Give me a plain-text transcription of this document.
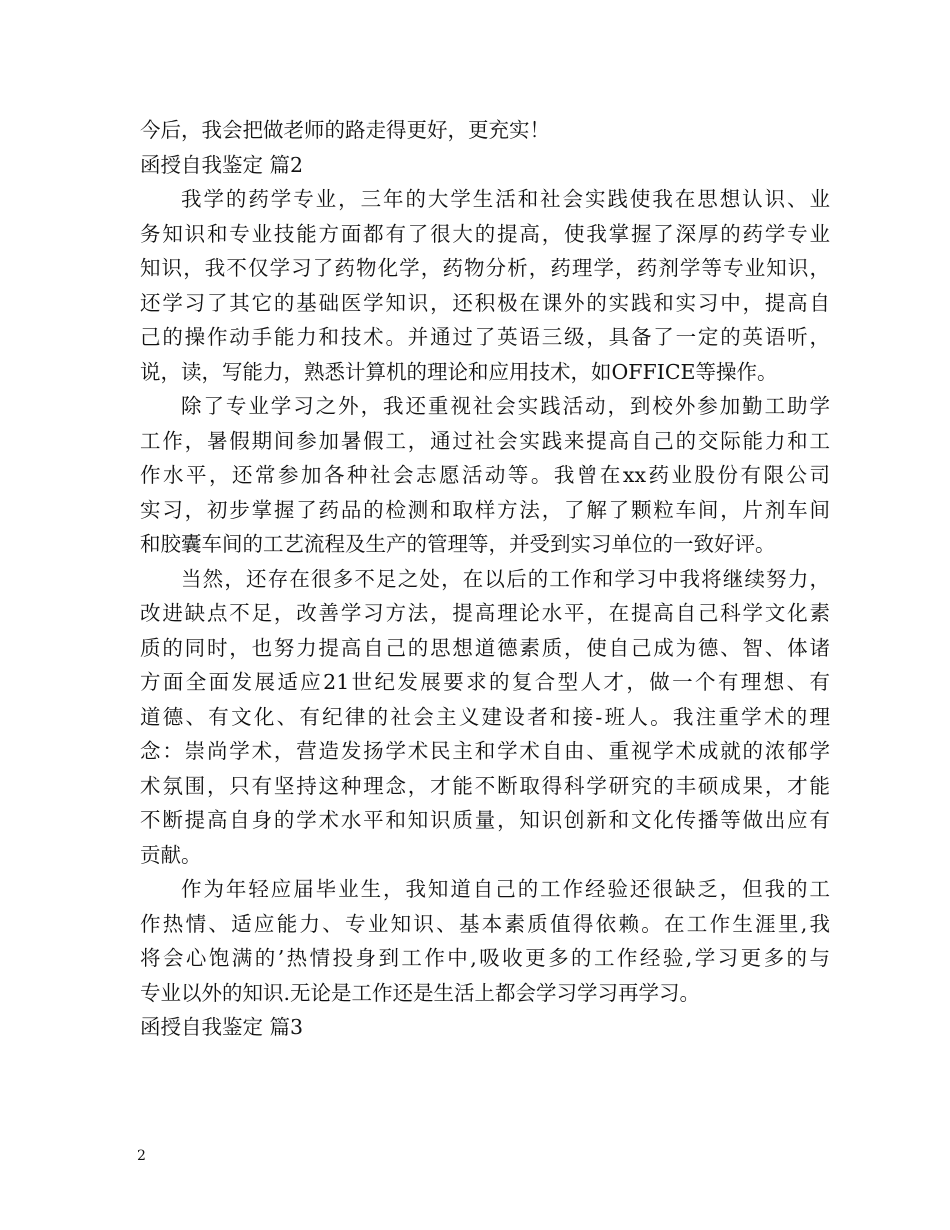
今后，我会把做老师的路走得更好，更充实！
函授自我鉴定 篇2
我学的药学专业，三年的大学生活和社会实践使我在思想认识、业
务知识和专业技能方面都有了很大的提高，使我掌握了深厚的药学专业
知识，我不仅学习了药物化学，药物分析，药理学，药剂学等专业知识，
还学习了其它的基础医学知识，还积极在课外的实践和实习中，提高自
己的操作动手能力和技术。并通过了英语三级，具备了一定的英语听，
说，读，写能力，熟悉计算机的理论和应用技术，如OFFICE等操作。
除了专业学习之外，我还重视社会实践活动，到校外参加勤工助学
工作，暑假期间参加暑假工，通过社会实践来提高自己的交际能力和工
作水平，还常参加各种社会志愿活动等。我曾在xx药业股份有限公司
实习，初步掌握了药品的检测和取样方法，了解了颗粒车间，片剂车间
和胶囊车间的工艺流程及生产的管理等，并受到实习单位的一致好评。
当然，还存在很多不足之处，在以后的工作和学习中我将继续努力，
改进缺点不足，改善学习方法，提高理论水平，在提高自己科学文化素
质的同时，也努力提高自己的思想道德素质，使自己成为德、智、体诸
方面全面发展适应21世纪发展要求的复合型人才，做一个有理想、有
道德、有文化、有纪律的社会主义建设者和接-班人。我注重学术的理
念：崇尚学术，营造发扬学术民主和学术自由、重视学术成就的浓郁学
术氛围，只有坚持这种理念，才能不断取得科学研究的丰硕成果，才能
不断提高自身的学术水平和知识质量，知识创新和文化传播等做出应有
贡献。
作为年轻应届毕业生，我知道自己的工作经验还很缺乏，但我的工
作热情、适应能力、专业知识、基本素质值得依赖。在工作生涯里,我
将会心饱满的’热情投身到工作中,吸收更多的工作经验,学习更多的与
专业以外的知识.无论是工作还是生活上都会学习学习再学习。
函授自我鉴定 篇3
2
